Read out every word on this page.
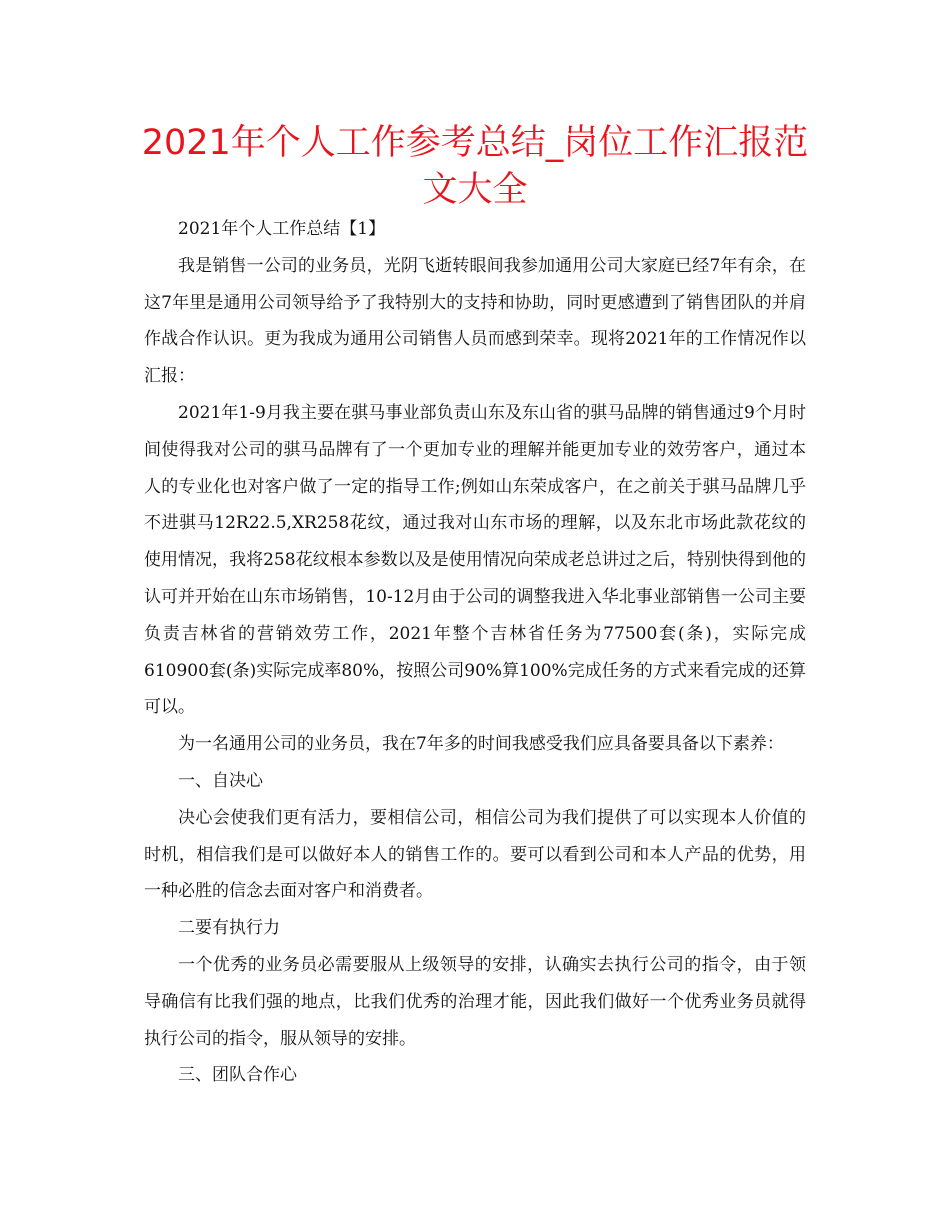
2021年个人工作参考总结_岗位工作汇报范文大全

2021年个人工作总结【1】

我是销售一公司的业务员，光阴飞逝转眼间我参加通用公司大家庭已经7年有余，在这7年里是通用公司领导给予了我特别大的支持和协助，同时更感遭到了销售团队的并肩作战合作认识。更为我成为通用公司销售人员而感到荣幸。现将2021年的工作情况作以汇报：

2021年1-9月我主要在骐马事业部负责山东及东山省的骐马品牌的销售通过9个月时间使得我对公司的骐马品牌有了一个更加专业的理解并能更加专业的效劳客户，通过本人的专业化也对客户做了一定的指导工作;例如山东荣成客户，在之前关于骐马品牌几乎不进骐马12R22.5,XR258花纹，通过我对山东市场的理解，以及东北市场此款花纹的使用情况，我将258花纹根本参数以及是使用情况向荣成老总讲过之后，特别快得到他的认可并开始在山东市场销售，10-12月由于公司的调整我进入华北事业部销售一公司主要负责吉林省的营销效劳工作，2021年整个吉林省任务为77500套(条)，实际完成610900套(条)实际完成率80%，按照公司90%算100%完成任务的方式来看完成的还算可以。

为一名通用公司的业务员，我在7年多的时间我感受我们应具备要具备以下素养：

一、自决心

决心会使我们更有活力，要相信公司，相信公司为我们提供了可以实现本人价值的时机，相信我们是可以做好本人的销售工作的。要可以看到公司和本人产品的优势，用一种必胜的信念去面对客户和消费者。

二要有执行力

一个优秀的业务员必需要服从上级领导的安排，认确实去执行公司的指令，由于领导确信有比我们强的地点，比我们优秀的治理才能，因此我们做好一个优秀业务员就得执行公司的指令，服从领导的安排。

三、团队合作心
